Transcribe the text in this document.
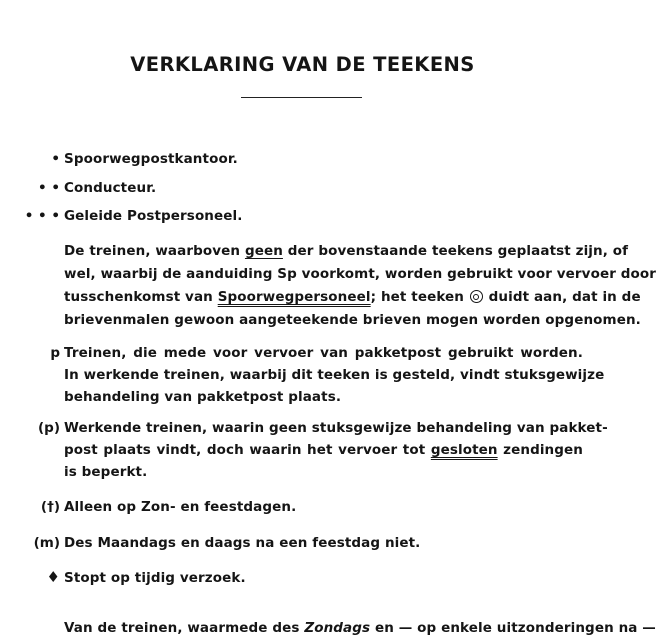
VERKLARING VAN DE TEEKENS
• Spoorwegpostkantoor.
• • Conducteur.
• • • Geleide Postpersoneel.
De treinen, waarboven geen der bovenstaande teekens geplaatst zijn, of
wel, waarbij de aanduiding Sp voorkomt, worden gebruikt voor vervoer door
tusschenkomst van Spoorwegpersoneel; het teeken duidt aan, dat in de
brievenmalen gewoon aangeteekende brieven mogen worden opgenomen.
p Treinen, die mede voor vervoer van pakketpost gebruikt worden.
In werkende treinen, waarbij dit teeken is gesteld, vindt stuksgewijze
behandeling van pakketpost plaats.
(p) Werkende treinen, waarin geen stuksgewijze behandeling van pakket-
post plaats vindt, doch waarin het vervoer tot gesloten zendingen
is beperkt.
(†) Alleen op Zon- en feestdagen.
(m) Des Maandags en daags na een feestdag niet.
♦ Stopt op tijdig verzoek.
Van de treinen, waarmede des Zondags en — op enkele uitzonderingen na —
